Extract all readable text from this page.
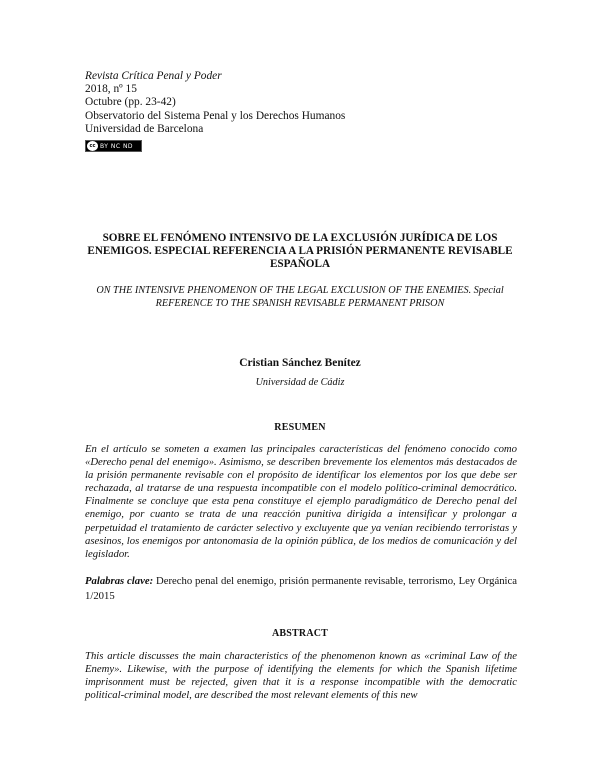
Revista Crítica Penal y Poder
2018, nº 15
Octubre (pp. 23-42)
Observatorio del Sistema Penal y los Derechos Humanos
Universidad de Barcelona
cc BY NC ND
SOBRE EL FENÓMENO INTENSIVO DE LA EXCLUSIÓN JURÍDICA DE LOS ENEMIGOS. ESPECIAL REFERENCIA A LA PRISIÓN PERMANENTE REVISABLE ESPAÑOLA
ON THE INTENSIVE PHENOMENON OF THE LEGAL EXCLUSION OF THE ENEMIES. Special REFERENCE TO THE SPANISH REVISABLE PERMANENT PRISON
Cristian Sánchez Benítez
Universidad de Cádiz
RESUMEN
En el artículo se someten a examen las principales características del fenómeno conocido como «Derecho penal del enemigo». Asimismo, se describen brevemente los elementos más destacados de la prisión permanente revisable con el propósito de identificar los elementos por los que debe ser rechazada, al tratarse de una respuesta incompatible con el modelo político-criminal democrático. Finalmente se concluye que esta pena constituye el ejemplo paradigmático de Derecho penal del enemigo, por cuanto se trata de una reacción punitiva dirigida a intensificar y prolongar a perpetuidad el tratamiento de carácter selectivo y excluyente que ya venían recibiendo terroristas y asesinos, los enemigos por antonomasia de la opinión pública, de los medios de comunicación y del legislador.
Palabras clave: Derecho penal del enemigo, prisión permanente revisable, terrorismo, Ley Orgánica 1/2015
ABSTRACT
This article discusses the main characteristics of the phenomenon known as «criminal Law of the Enemy». Likewise, with the purpose of identifying the elements for which the Spanish lifetime imprisonment must be rejected, given that it is a response incompatible with the democratic political-criminal model, are described the most relevant elements of this new
